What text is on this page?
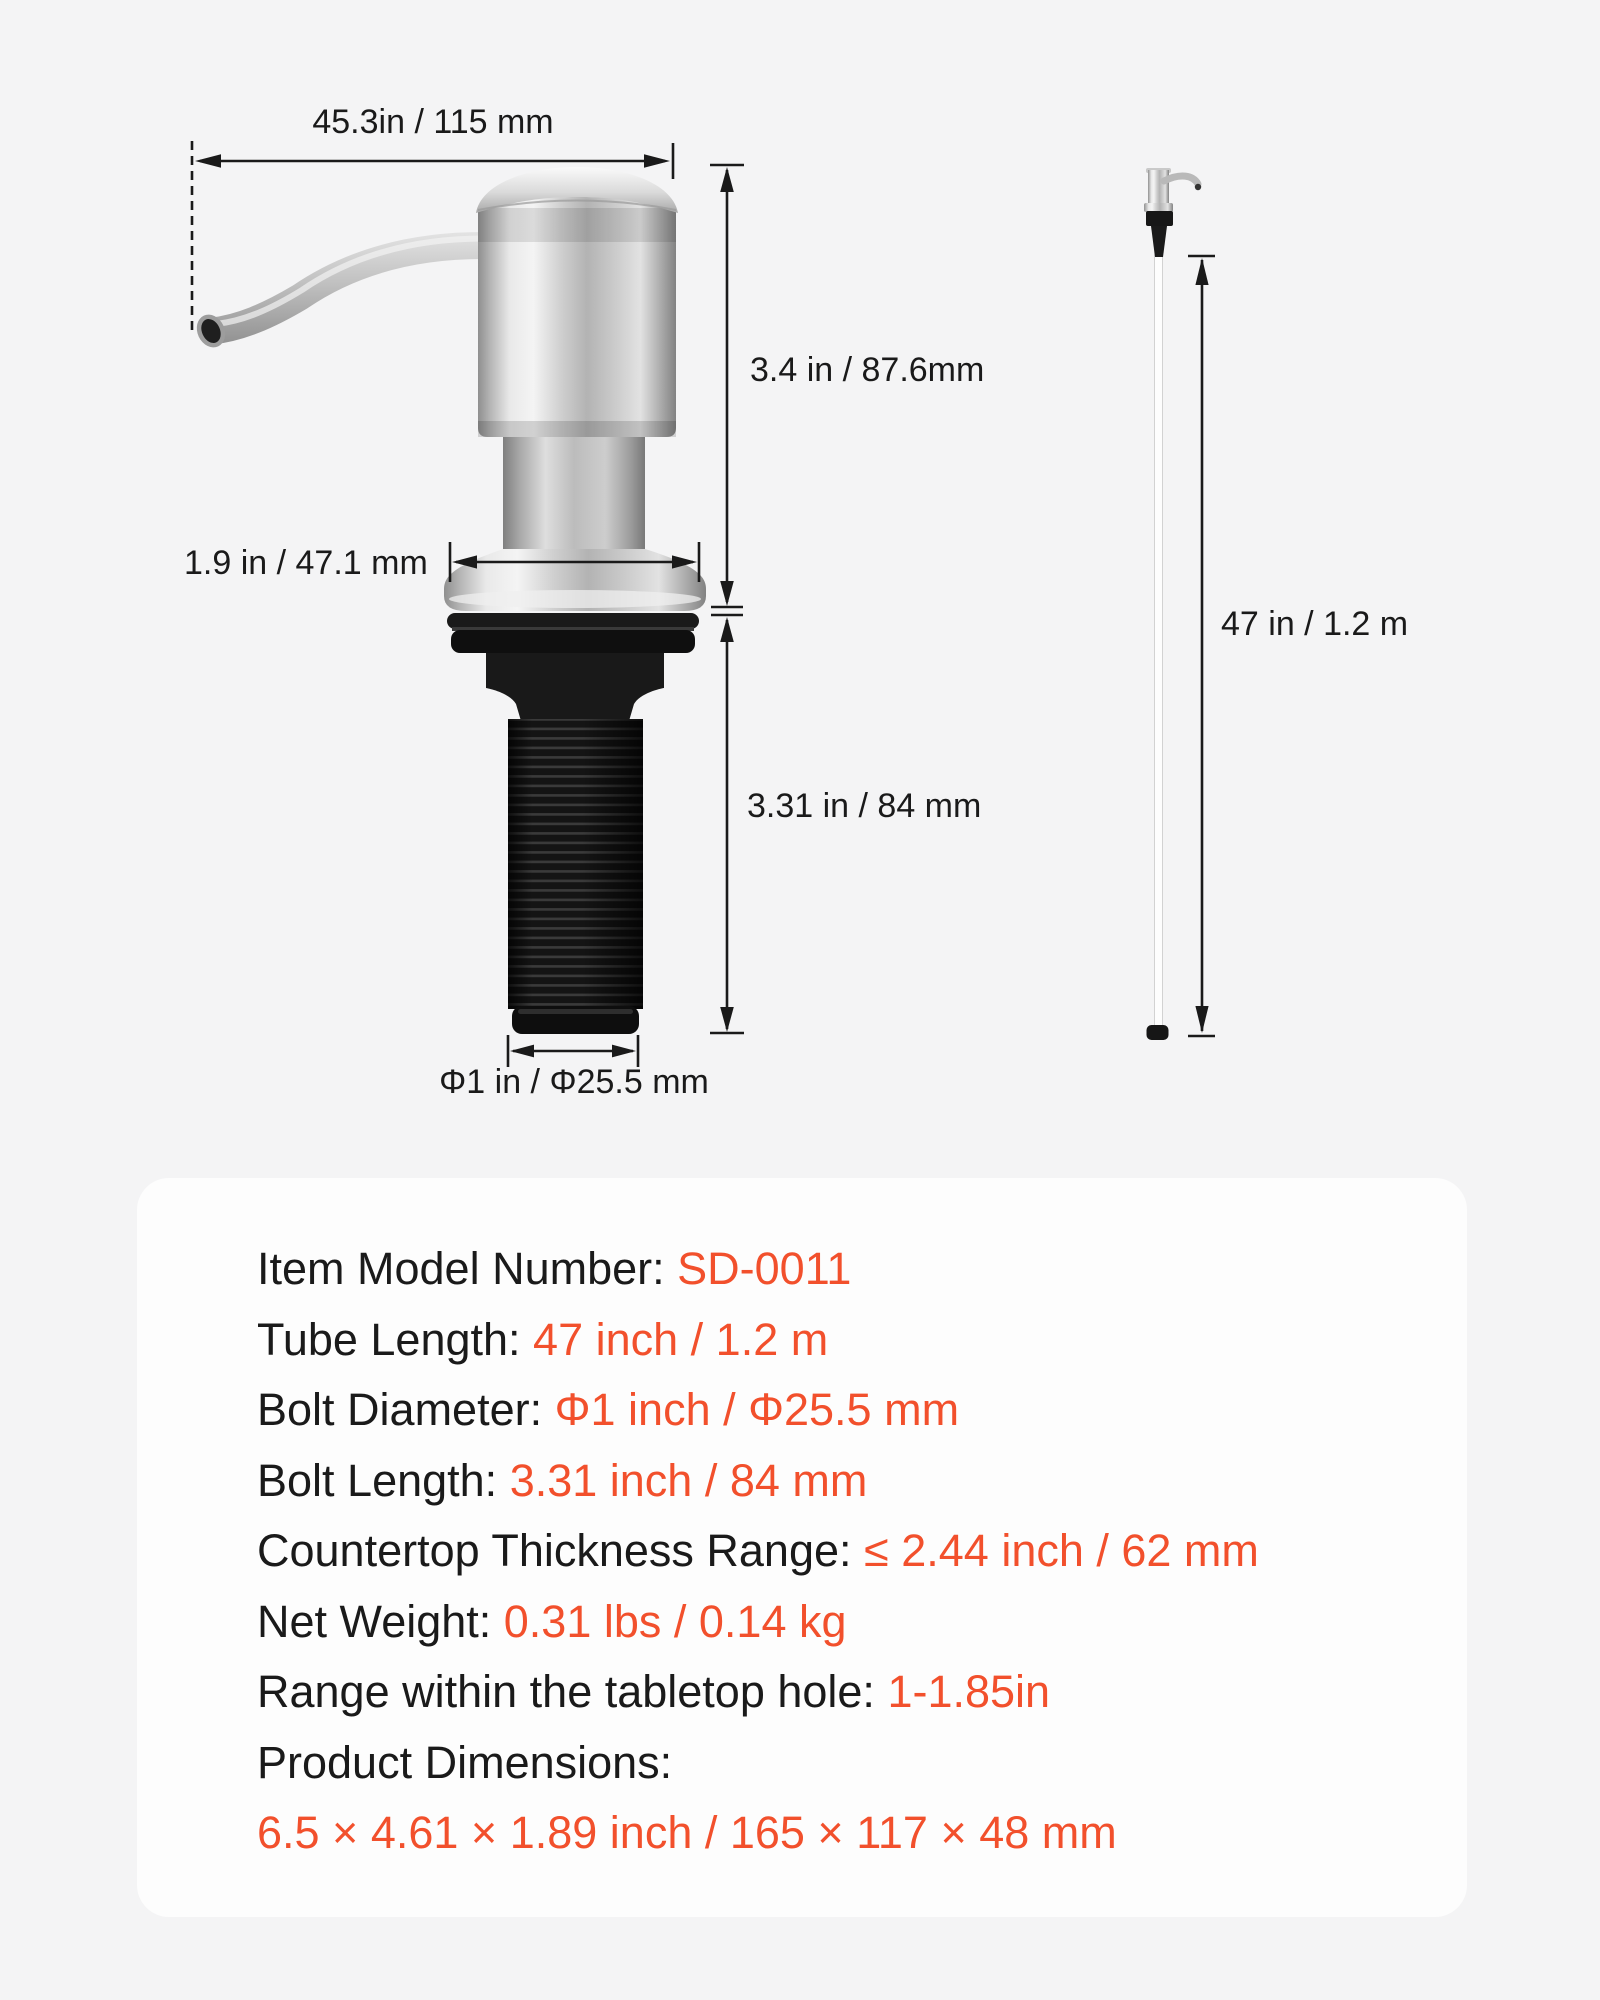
45.3in / 115 mm
3.4 in / 87.6mm
1.9 in / 47.1 mm
3.31 in / 84 mm
Φ1 in / Φ25.5 mm
47 in / 1.2 m
Item Model Number: SD-0011
Tube Length: 47 inch / 1.2 m
Bolt Diameter: Φ1 inch / Φ25.5 mm
Bolt Length: 3.31 inch / 84 mm
Countertop Thickness Range: ≤ 2.44 inch / 62 mm
Net Weight: 0.31 lbs / 0.14 kg
Range within the tabletop hole: 1-1.85in
Product Dimensions:
6.5 × 4.61 × 1.89 inch / 165 × 117 × 48 mm
